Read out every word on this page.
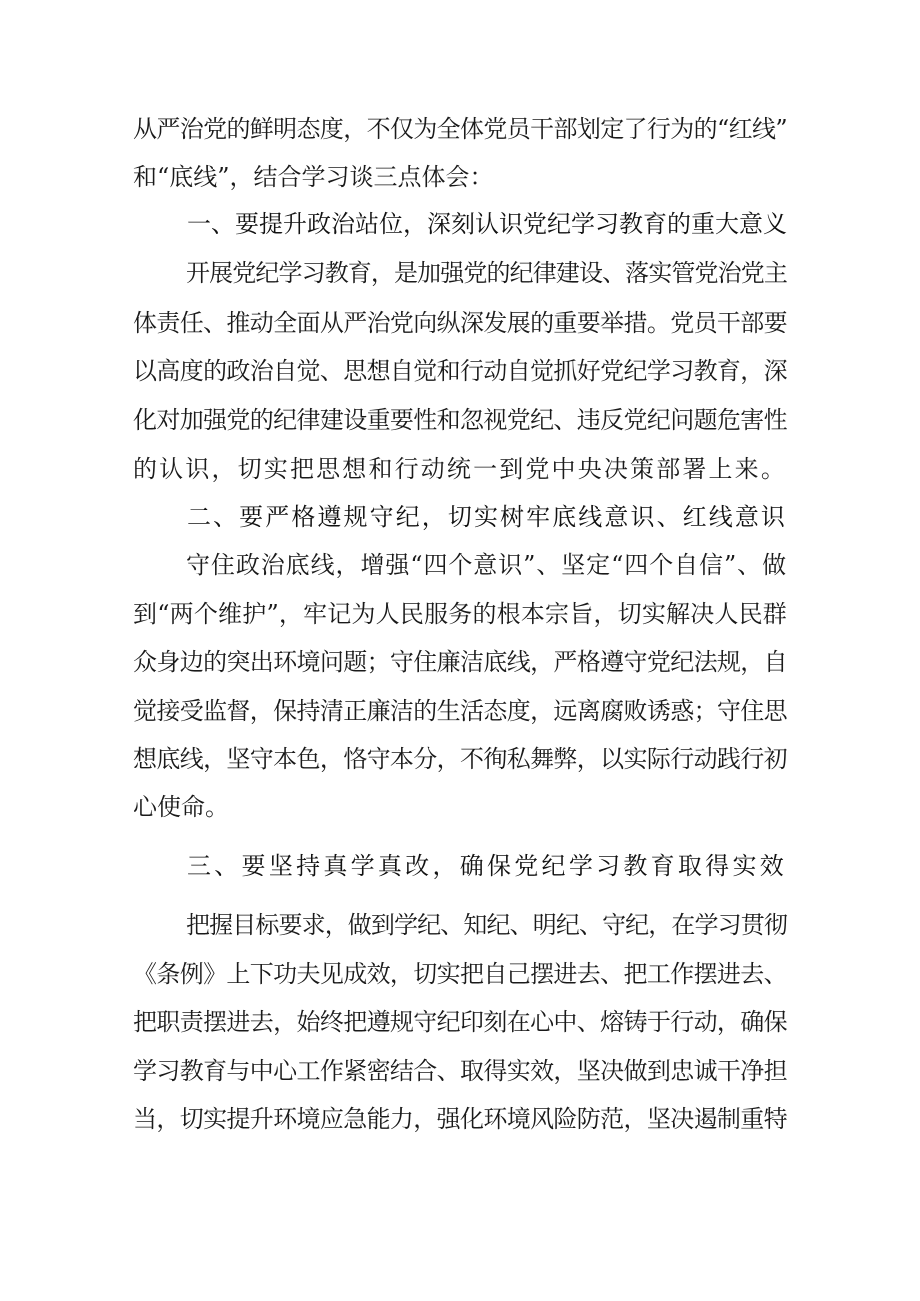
从严治党的鲜明态度，不仅为全体党员干部划定了行为的“红线”

和“底线”，结合学习谈三点体会：

一、要提升政治站位，深刻认识党纪学习教育的重大意义

开展党纪学习教育，是加强党的纪律建设、落实管党治党主

体责任、推动全面从严治党向纵深发展的重要举措。党员干部要

以高度的政治自觉、思想自觉和行动自觉抓好党纪学习教育，深

化对加强党的纪律建设重要性和忽视党纪、违反党纪问题危害性

的认识，切实把思想和行动统一到党中央决策部署上来。

二、要严格遵规守纪，切实树牢底线意识、红线意识

守住政治底线，增强“四个意识”、坚定“四个自信”、做

到“两个维护”，牢记为人民服务的根本宗旨，切实解决人民群

众身边的突出环境问题；守住廉洁底线，严格遵守党纪法规，自

觉接受监督，保持清正廉洁的生活态度，远离腐败诱惑；守住思

想底线，坚守本色，恪守本分，不徇私舞弊，以实际行动践行初

心使命。

三、要坚持真学真改，确保党纪学习教育取得实效

把握目标要求，做到学纪、知纪、明纪、守纪，在学习贯彻

《条例》上下功夫见成效，切实把自己摆进去、把工作摆进去、

把职责摆进去，始终把遵规守纪印刻在心中、熔铸于行动，确保

学习教育与中心工作紧密结合、取得实效，坚决做到忠诚干净担

当，切实提升环境应急能力，强化环境风险防范，坚决遏制重特
